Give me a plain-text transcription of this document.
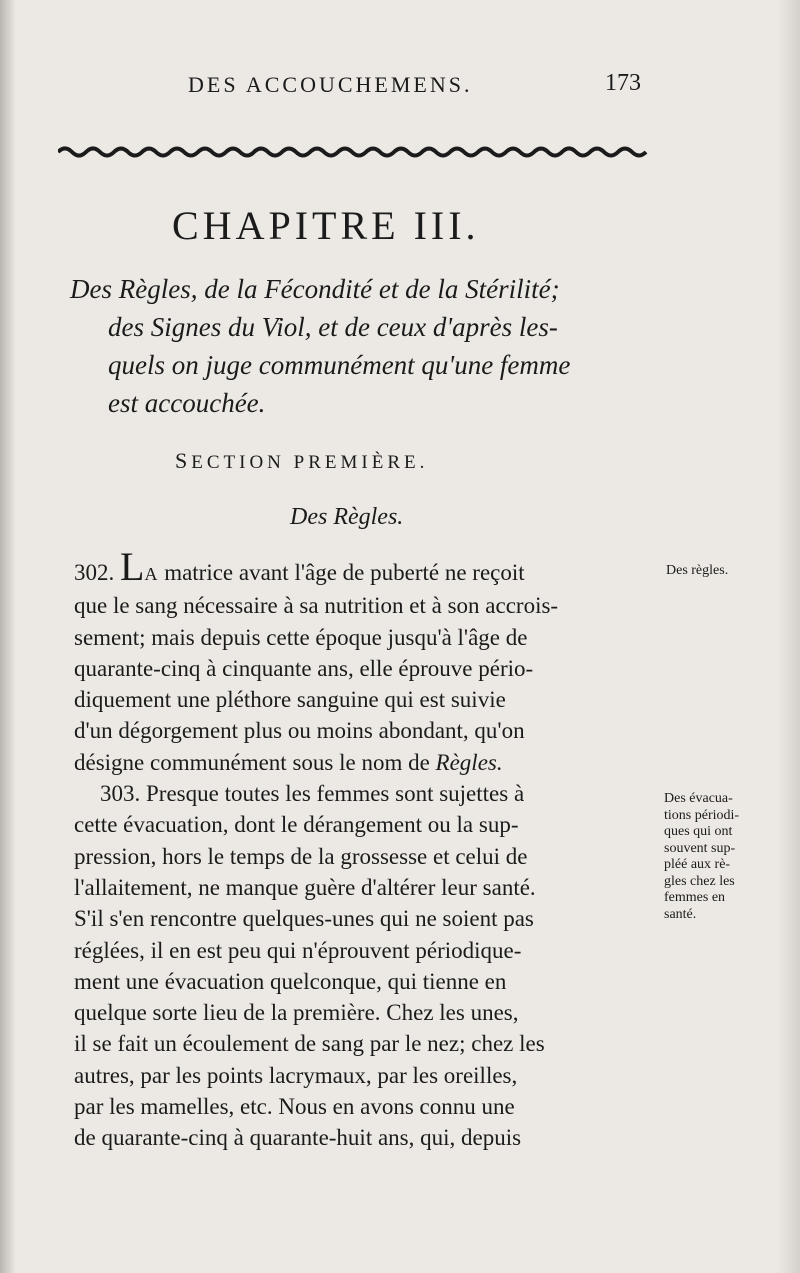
DES ACCOUCHEMENS.	173
CHAPITRE III.
Des Règles, de la Fécondité et de la Stérilité;
des Signes du Viol, et de ceux d'après les-
quels on juge communément qu'une femme
est accouchée.
SECTION PREMIÈRE.
Des Règles.
302. LA matrice avant l'âge de puberté ne reçoit
que le sang nécessaire à sa nutrition et à son accrois-
sement; mais depuis cette époque jusqu'à l'âge de
quarante-cinq à cinquante ans, elle éprouve pério-
diquement une pléthore sanguine qui est suivie
d'un dégorgement plus ou moins abondant, qu'on
désigne communément sous le nom de Règles.
303. Presque toutes les femmes sont sujettes à
cette évacuation, dont le dérangement ou la sup-
pression, hors le temps de la grossesse et celui de
l'allaitement, ne manque guère d'altérer leur santé.
S'il s'en rencontre quelques-unes qui ne soient pas
réglées, il en est peu qui n'éprouvent périodique-
ment une évacuation quelconque, qui tienne en
quelque sorte lieu de la première. Chez les unes,
il se fait un écoulement de sang par le nez; chez les
autres, par les points lacrymaux, par les oreilles,
par les mamelles, etc. Nous en avons connu une
de quarante-cinq à quarante-huit ans, qui, depuis
Des règles.
Des évacua-
tions périodi-
ques qui ont
souvent sup-
pléé aux rè-
gles chez les
femmes en
santé.
